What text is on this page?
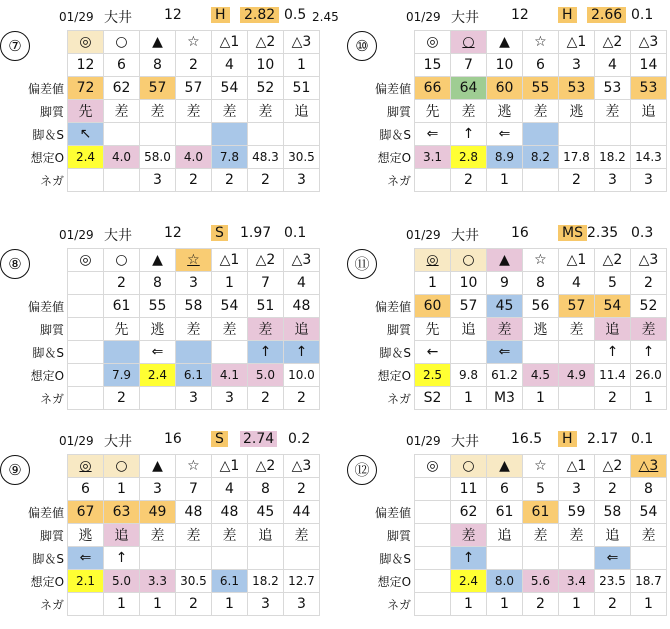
01/29 大井 12 H 2.82 0.5 2.45
⑦
		◎	○	▲	☆	△1	△2	△3
	12	6	8	2	4	10	1
偏差値	72	62	57	57	54	52	51
脚質	先	差	差	差	差	差	追
脚＆S	↖						
想定O	2.4	4.0	58.0	4.0	7.8	48.3	30.5
ネガ			3	2	2	2	3
01/29 大井 12 H 2.66 0.1
⑩
		◎	○	▲	☆	△1	△2	△3
	15	7	10	6	3	4	14
偏差値	66	64	60	55	53	53	53
脚質	先	差	逃	差	逃	差	追
脚＆S	⇐	↑	⇐				
想定O	3.1	2.8	8.9	8.2	17.8	18.2	14.3
ネガ		2	1		2	3	3
01/29 大井 12 S 1.97 0.1
⑧
		◎	○	▲	☆	△1	△2	△3
		2	8	3	1	7	4
偏差値		61	55	58	54	51	48
脚質		先	逃	差	差	差	追
脚＆S			⇐			↑	↑
想定O		7.9	2.4	6.1	4.1	5.0	10.0
ネガ		2		3	3	2	2
01/29 大井 16 MS 2.35 0.3
⑪
		◎	○	▲	☆	△1	△2	△3
	1	10	9	8	4	5	2
偏差値	60	57	45	56	57	54	52
脚質	先	追	差	逃	差	追	差
脚＆S	←		⇐			↑	↑
想定O	2.5	9.8	61.2	4.5	4.9	11.4	26.0
ネガ	S2	1	M3	1		2	1
01/29 大井 16 S 2.74 0.2
⑨
		◎	○	▲	☆	△1	△2	△3
	6	1	3	7	4	8	2
偏差値	67	63	49	48	48	45	44
脚質	逃	追	差	差	差	追	差
脚＆S	⇐	↑					
想定O	2.1	5.0	3.3	30.5	6.1	18.2	12.7
ネガ		1	1	2	1	3	3
01/29 大井 16.5 H 2.17 0.1
⑫
		◎	○	▲	☆	△1	△2	△3
		11	6	5	3	2	8
偏差値		62	61	61	59	58	54
脚質		差	追	差	差	追	差
脚＆S		↑				⇐	
想定O		2.4	8.0	5.6	3.4	23.5	18.7
ネガ		1	1	2	1	2	1
